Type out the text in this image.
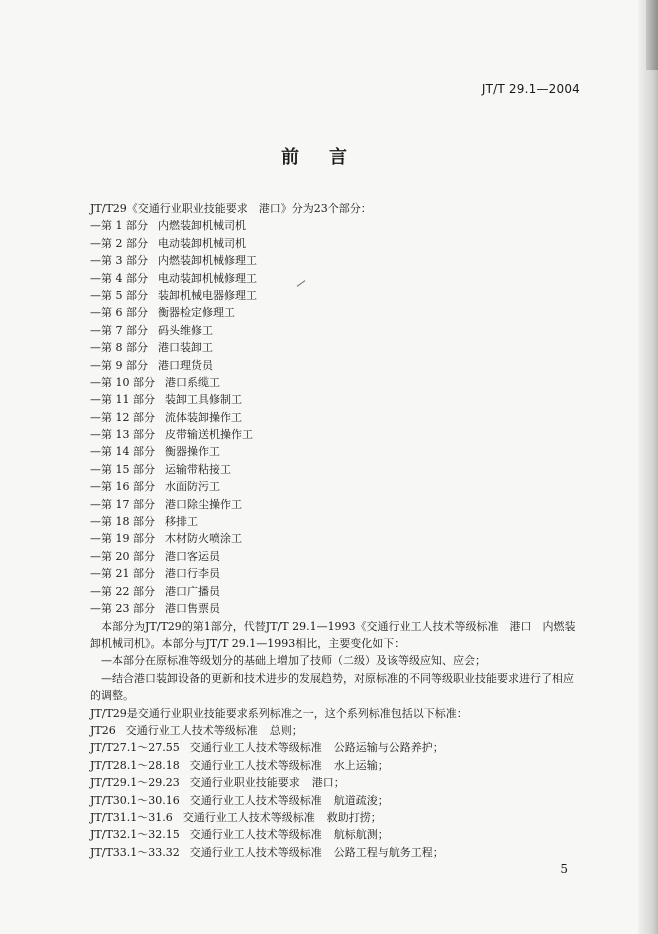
JT/T 29.1—2004
前言
JT/T29《交通行业职业技能要求　港口》分为23个部分：
—第 1 部分 内燃装卸机械司机
—第 2 部分 电动装卸机械司机
—第 3 部分 内燃装卸机械修理工
—第 4 部分 电动装卸机械修理工
—第 5 部分 装卸机械电器修理工
—第 6 部分 衡器检定修理工
—第 7 部分 码头维修工
—第 8 部分 港口装卸工
—第 9 部分 港口理货员
—第 10 部分 港口系缆工
—第 11 部分 装卸工具修制工
—第 12 部分 流体装卸操作工
—第 13 部分 皮带输送机操作工
—第 14 部分 衡器操作工
—第 15 部分 运输带粘接工
—第 16 部分 水面防污工
—第 17 部分 港口除尘操作工
—第 18 部分 移排工
—第 19 部分 木材防火喷涂工
—第 20 部分 港口客运员
—第 21 部分 港口行李员
—第 22 部分 港口广播员
—第 23 部分 港口售票员
本部分为JT/T29的第1部分，代替JT/T 29.1—1993《交通行业工人技术等级标准　港口　内燃装卸机械司机》。本部分与JT/T 29.1—1993相比，主要变化如下：
—本部分在原标准等级划分的基础上增加了技师（二级）及该等级应知、应会；
—结合港口装卸设备的更新和技术进步的发展趋势，对原标准的不同等级职业技能要求进行了相应的调整。
JT/T29是交通行业职业技能要求系列标准之一，这个系列标准包括以下标准：
JT26 交通行业工人技术等级标准 总则；
JT/T27.1～27.55 交通行业工人技术等级标准 公路运输与公路养护；
JT/T28.1～28.18 交通行业工人技术等级标准 水上运输；
JT/T29.1～29.23 交通行业职业技能要求 港口；
JT/T30.1～30.16 交通行业工人技术等级标准 航道疏浚；
JT/T31.1～31.6 交通行业工人技术等级标准 救助打捞；
JT/T32.1～32.15 交通行业工人技术等级标准 航标航测；
JT/T33.1～33.32 交通行业工人技术等级标准 公路工程与航务工程；
5
